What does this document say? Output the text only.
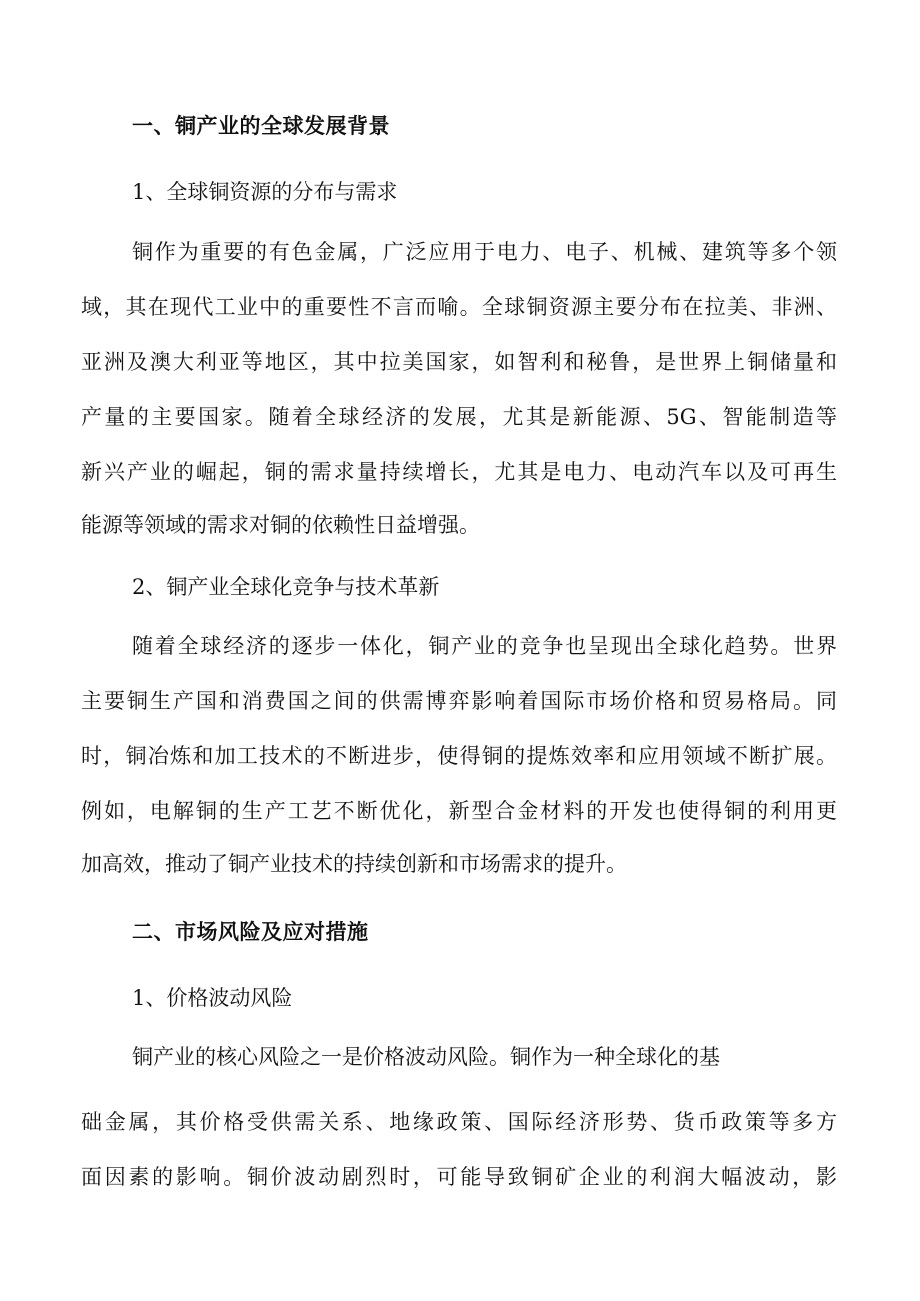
一、铜产业的全球发展背景
1、全球铜资源的分布与需求
铜作为重要的有色金属，广泛应用于电力、电子、机械、建筑等多个领
域，其在现代工业中的重要性不言而喻。全球铜资源主要分布在拉美、非洲、
亚洲及澳大利亚等地区，其中拉美国家，如智利和秘鲁，是世界上铜储量和
产量的主要国家。随着全球经济的发展，尤其是新能源、5G、智能制造等
新兴产业的崛起，铜的需求量持续增长，尤其是电力、电动汽车以及可再生
能源等领域的需求对铜的依赖性日益增强。
2、铜产业全球化竞争与技术革新
随着全球经济的逐步一体化，铜产业的竞争也呈现出全球化趋势。世界
主要铜生产国和消费国之间的供需博弈影响着国际市场价格和贸易格局。同
时，铜冶炼和加工技术的不断进步，使得铜的提炼效率和应用领域不断扩展。
例如，电解铜的生产工艺不断优化，新型合金材料的开发也使得铜的利用更
加高效，推动了铜产业技术的持续创新和市场需求的提升。
二、市场风险及应对措施
1、价格波动风险
铜产业的核心风险之一是价格波动风险。铜作为一种全球化的基
础金属，其价格受供需关系、地缘政策、国际经济形势、货币政策等多方
面因素的影响。铜价波动剧烈时，可能导致铜矿企业的利润大幅波动，影
